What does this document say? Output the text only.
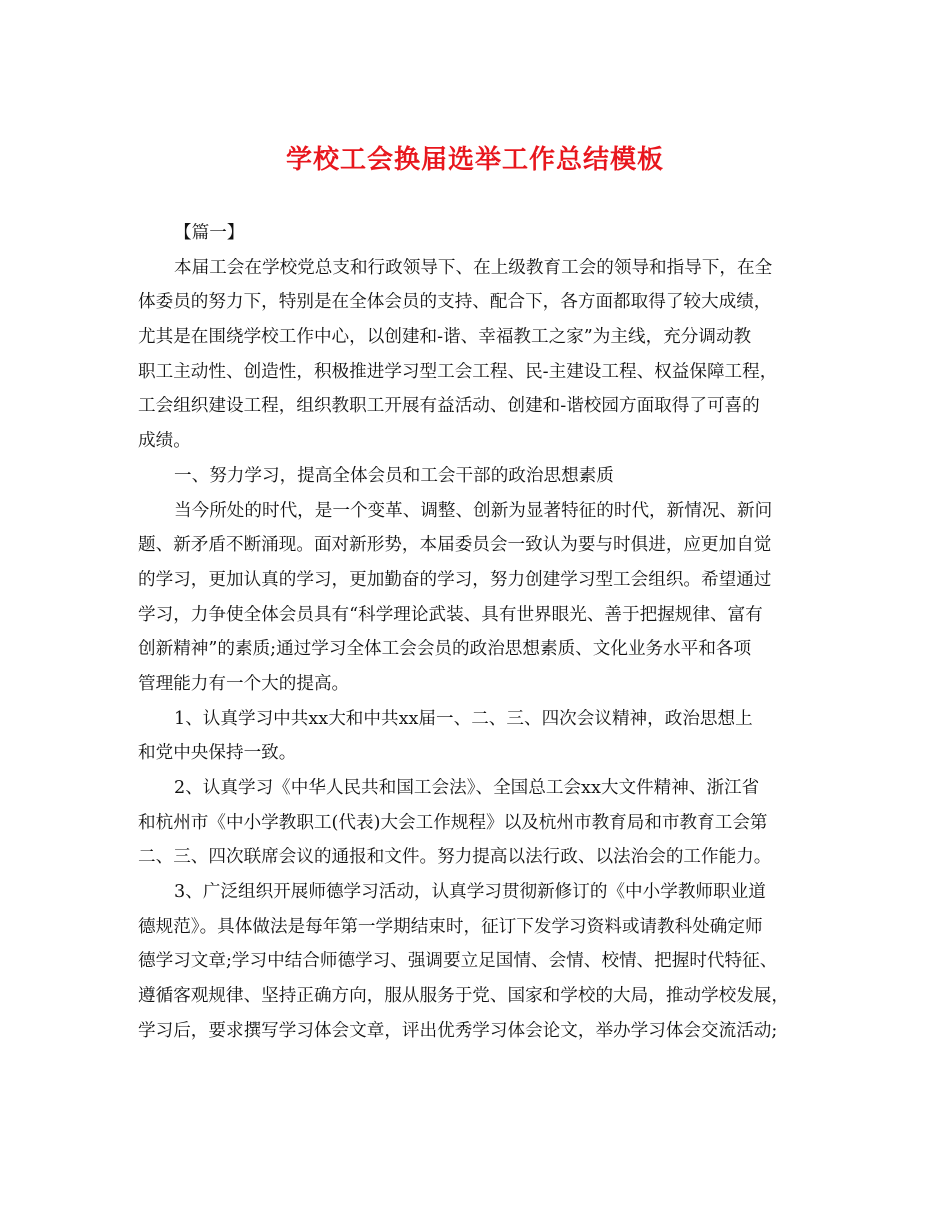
学校工会换届选举工作总结模板
【篇一】
本届工会在学校党总支和行政领导下、在上级教育工会的领导和指导下，在全
体委员的努力下，特别是在全体会员的支持、配合下，各方面都取得了较大成绩，
尤其是在围绕学校工作中心，以创建和-谐、幸福教工之家”为主线，充分调动教
职工主动性、创造性，积极推进学习型工会工程、民-主建设工程、权益保障工程，
工会组织建设工程，组织教职工开展有益活动、创建和-谐校园方面取得了可喜的
成绩。
一、努力学习，提高全体会员和工会干部的政治思想素质
当今所处的时代，是一个变革、调整、创新为显著特征的时代，新情况、新问
题、新矛盾不断涌现。面对新形势，本届委员会一致认为要与时俱进，应更加自觉
的学习，更加认真的学习，更加勤奋的学习，努力创建学习型工会组织。希望通过
学习，力争使全体会员具有“科学理论武装、具有世界眼光、善于把握规律、富有
创新精神”的素质;通过学习全体工会会员的政治思想素质、文化业务水平和各项
管理能力有一个大的提高。
1、认真学习中共xx大和中共xx届一、二、三、四次会议精神，政治思想上
和党中央保持一致。
2、认真学习《中华人民共和国工会法》、全国总工会xx大文件精神、浙江省
和杭州市《中小学教职工(代表)大会工作规程》以及杭州市教育局和市教育工会第
二、三、四次联席会议的通报和文件。努力提高以法行政、以法治会的工作能力。
3、广泛组织开展师德学习活动，认真学习贯彻新修订的《中小学教师职业道
德规范》。具体做法是每年第一学期结束时，征订下发学习资料或请教科处确定师
德学习文章;学习中结合师德学习、强调要立足国情、会情、校情、把握时代特征、
遵循客观规律、坚持正确方向，服从服务于党、国家和学校的大局，推动学校发展，
学习后，要求撰写学习体会文章，评出优秀学习体会论文，举办学习体会交流活动;
